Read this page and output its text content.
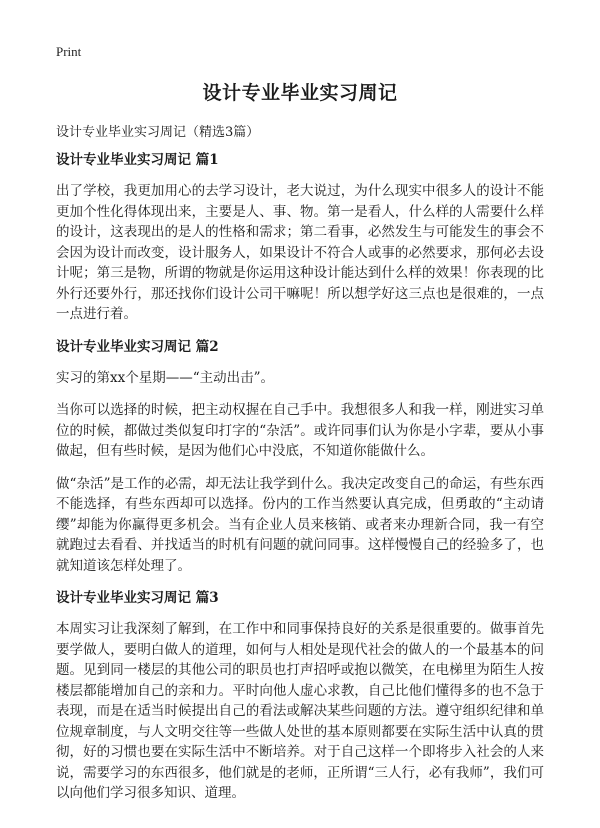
Print
设计专业毕业实习周记

设计专业毕业实习周记（精选3篇）

设计专业毕业实习周记 篇1

出了学校，我更加用心的去学习设计，老大说过，为什么现实中很多人的设计不能更加个性化得体现出来，主要是人、事、物。第一是看人，什么样的人需要什么样的设计，这表现出的是人的性格和需求；第二看事，必然发生与可能发生的事会不会因为设计而改变，设计服务人，如果设计不符合人或事的必然要求，那何必去设计呢；第三是物，所谓的物就是你运用这种设计能达到什么样的效果！你表现的比外行还要外行，那还找你们设计公司干嘛呢！所以想学好这三点也是很难的，一点一点进行着。

设计专业毕业实习周记 篇2

实习的第xx个星期——“主动出击”。

当你可以选择的时候，把主动权握在自己手中。我想很多人和我一样，刚进实习单位的时候，都做过类似复印打字的“杂活”。或许同事们认为你是小字辈，要从小事做起，但有些时候，是因为他们心中没底，不知道你能做什么。

做“杂活”是工作的必需，却无法让我学到什么。我决定改变自己的命运，有些东西不能选择，有些东西却可以选择。份内的工作当然要认真完成，但勇敢的“主动请缨”却能为你赢得更多机会。当有企业人员来核销、或者来办理新合同，我一有空就跑过去看看、并找适当的时机有问题的就问同事。这样慢慢自己的经验多了，也就知道该怎样处理了。

设计专业毕业实习周记 篇3

本周实习让我深刻了解到，在工作中和同事保持良好的关系是很重要的。做事首先要学做人，要明白做人的道理，如何与人相处是现代社会的做人的一个最基本的问题。见到同一楼层的其他公司的职员也打声招呼或抱以微笑，在电梯里为陌生人按楼层都能增加自己的亲和力。平时向他人虚心求教，自己比他们懂得多的也不急于表现，而是在适当时候提出自己的看法或解决某些问题的方法。遵守组织纪律和单位规章制度，与人文明交往等一些做人处世的基本原则都要在实际生活中认真的贯彻，好的习惯也要在实际生活中不断培养。对于自己这样一个即将步入社会的人来说，需要学习的东西很多，他们就是的老师，正所谓“三人行，必有我师”，我们可以向他们学习很多知识、道理。
